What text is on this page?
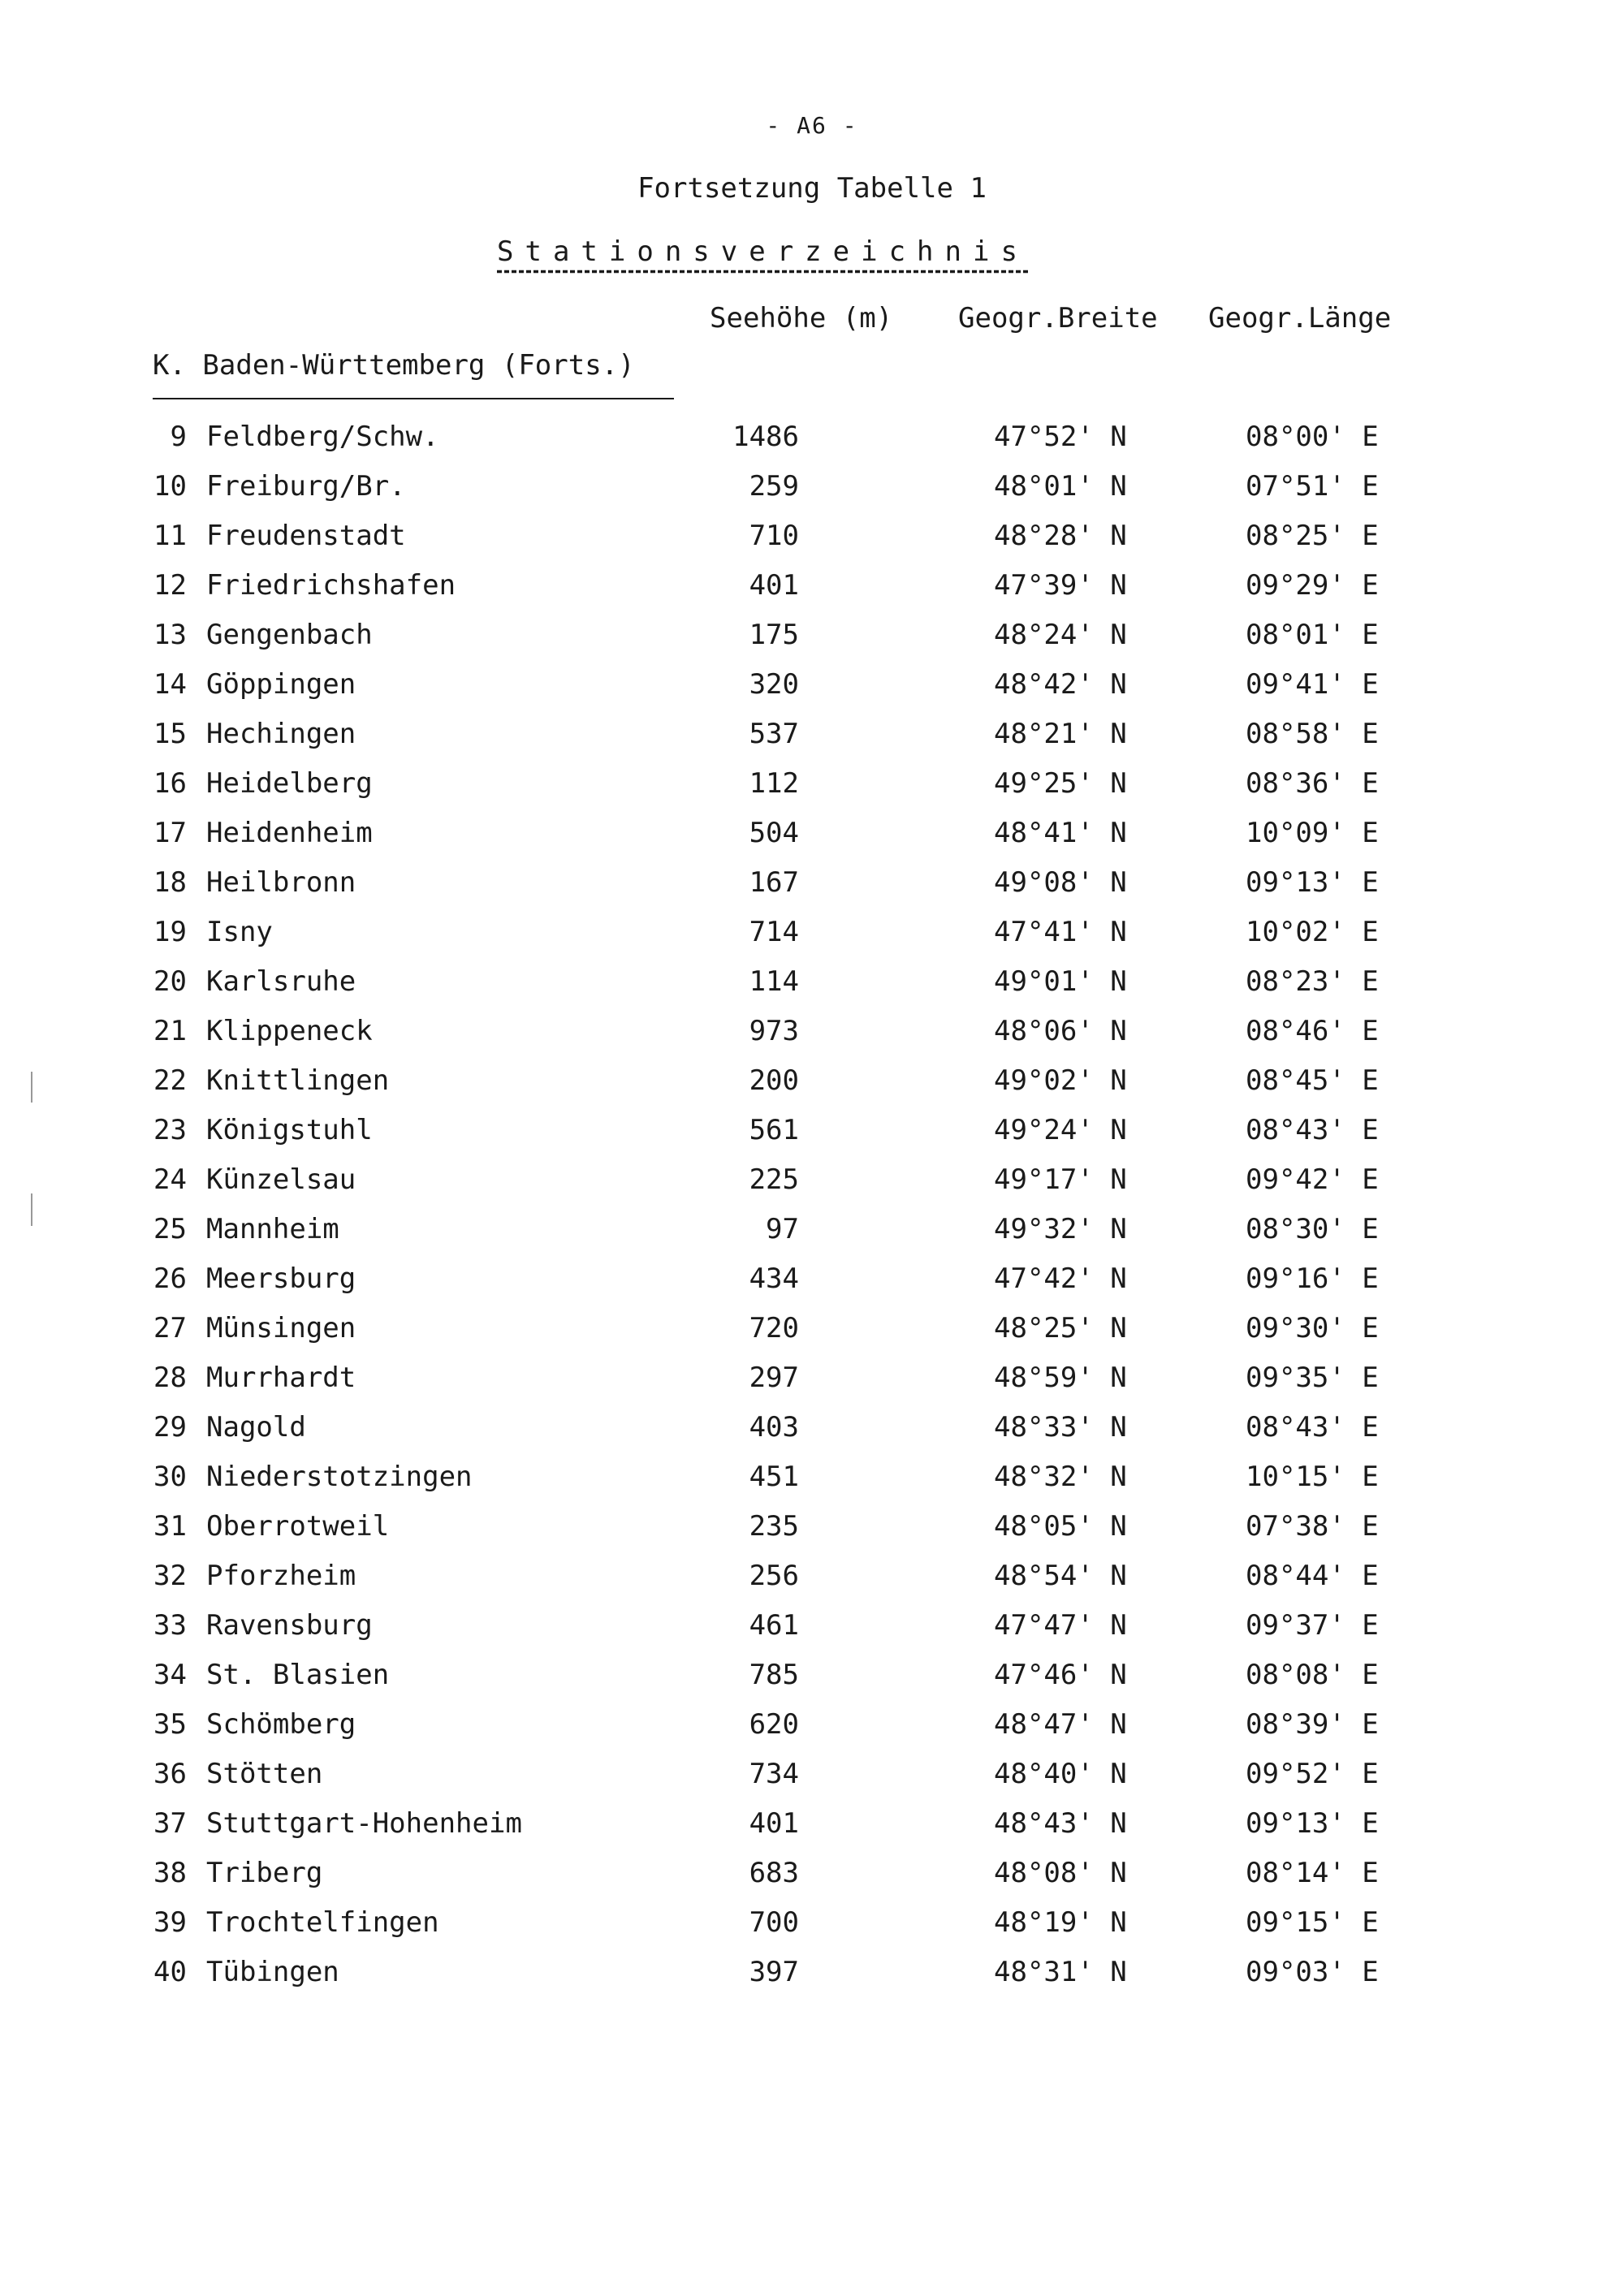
- A6 -
Fortsetzung Tabelle 1
Stationsverzeichnis
Seehöhe (m) Geogr.Breite Geogr.Länge
K. Baden-Württemberg (Forts.)
9 Feldberg/Schw.	1486	47°52' N	08°00' E
10 Freiburg/Br.	259	48°01' N	07°51' E
11 Freudenstadt	710	48°28' N	08°25' E
12 Friedrichshafen	401	47°39' N	09°29' E
13 Gengenbach	175	48°24' N	08°01' E
14 Göppingen	320	48°42' N	09°41' E
15 Hechingen	537	48°21' N	08°58' E
16 Heidelberg	112	49°25' N	08°36' E
17 Heidenheim	504	48°41' N	10°09' E
18 Heilbronn	167	49°08' N	09°13' E
19 Isny	714	47°41' N	10°02' E
20 Karlsruhe	114	49°01' N	08°23' E
21 Klippeneck	973	48°06' N	08°46' E
22 Knittlingen	200	49°02' N	08°45' E
23 Königstuhl	561	49°24' N	08°43' E
24 Künzelsau	225	49°17' N	09°42' E
25 Mannheim	97	49°32' N	08°30' E
26 Meersburg	434	47°42' N	09°16' E
27 Münsingen	720	48°25' N	09°30' E
28 Murrhardt	297	48°59' N	09°35' E
29 Nagold	403	48°33' N	08°43' E
30 Niederstotzingen	451	48°32' N	10°15' E
31 Oberrotweil	235	48°05' N	07°38' E
32 Pforzheim	256	48°54' N	08°44' E
33 Ravensburg	461	47°47' N	09°37' E
34 St. Blasien	785	47°46' N	08°08' E
35 Schömberg	620	48°47' N	08°39' E
36 Stötten	734	48°40' N	09°52' E
37 Stuttgart-Hohenheim	401	48°43' N	09°13' E
38 Triberg	683	48°08' N	08°14' E
39 Trochtelfingen	700	48°19' N	09°15' E
40 Tübingen	397	48°31' N	09°03' E
